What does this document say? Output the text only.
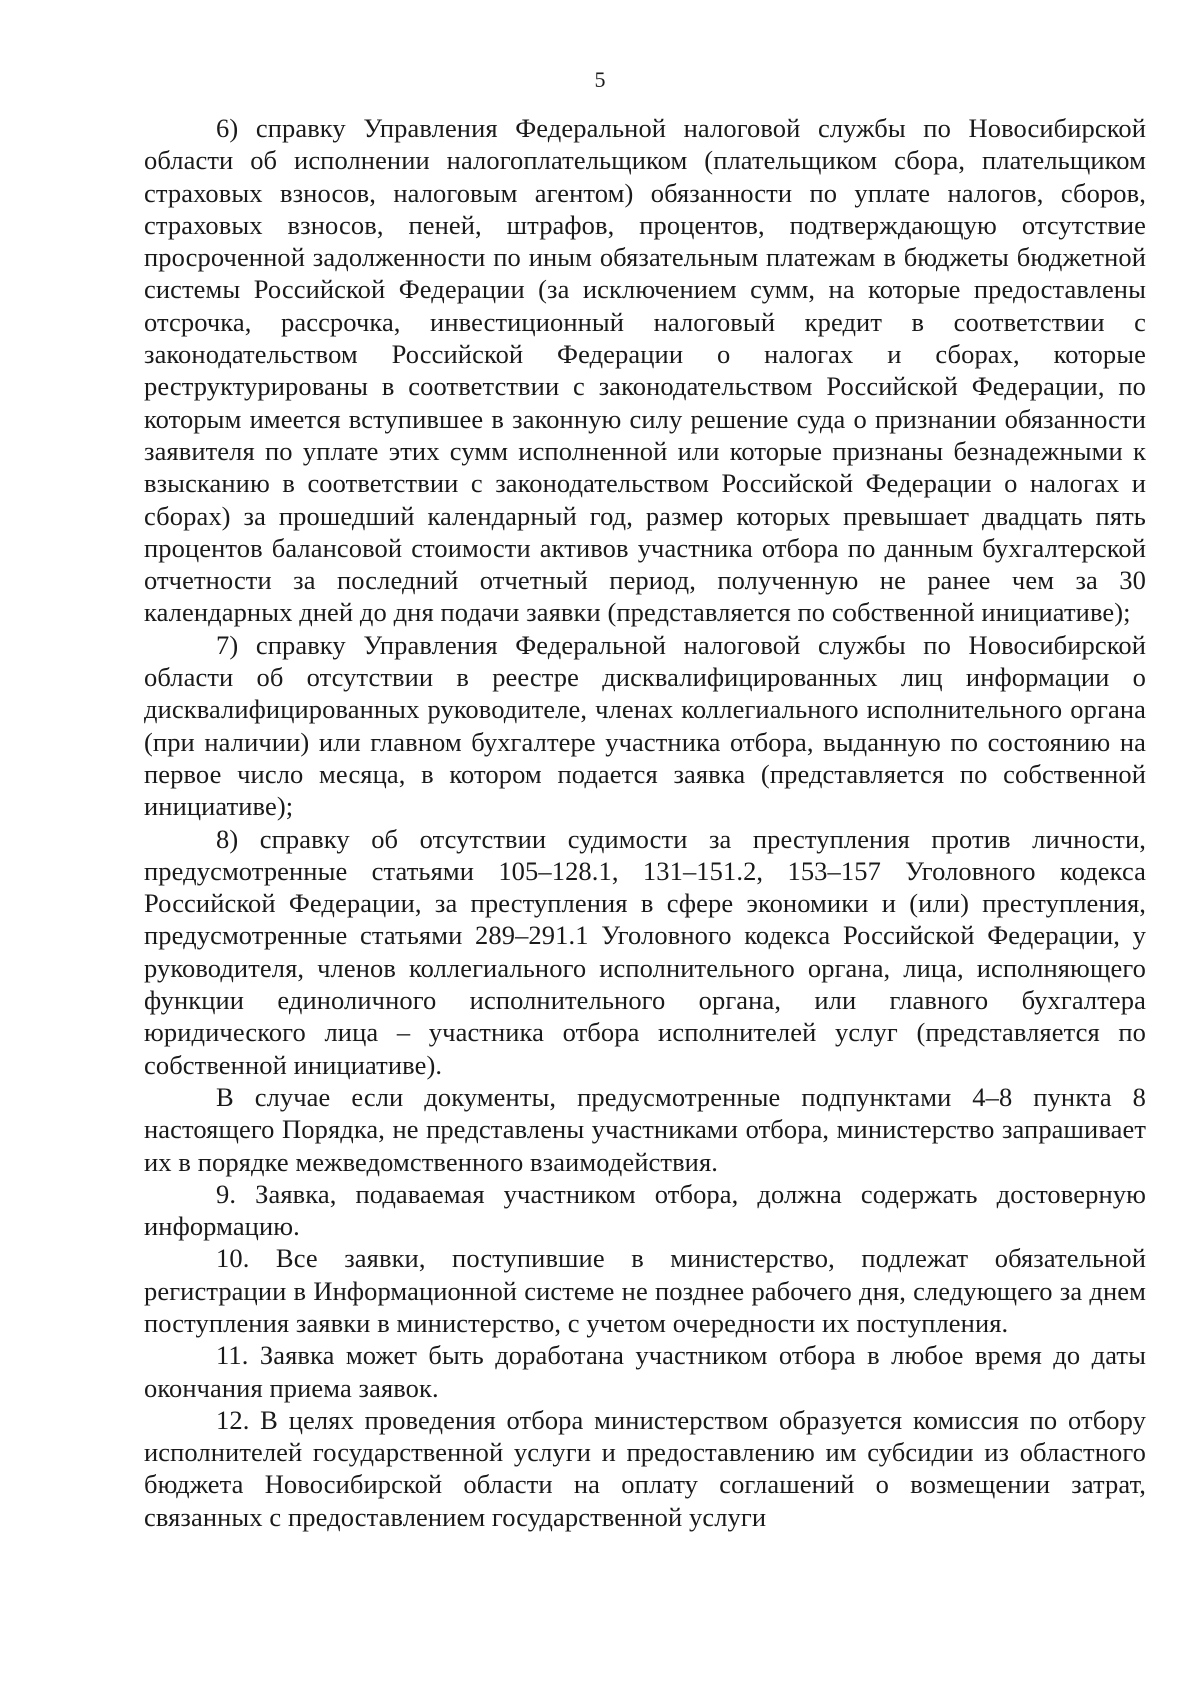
5

6) справку Управления Федеральной налоговой службы по Новосибирской области об исполнении налогоплательщиком (плательщиком сбора, плательщиком страховых взносов, налоговым агентом) обязанности по уплате налогов, сборов, страховых взносов, пеней, штрафов, процентов, подтверждающую отсутствие просроченной задолженности по иным обязательным платежам в бюджеты бюджетной системы Российской Федерации (за исключением сумм, на которые предоставлены отсрочка, рассрочка, инвестиционный налоговый кредит в соответствии с законодательством Российской Федерации о налогах и сборах, которые реструктурированы в соответствии с законодательством Российской Федерации, по которым имеется вступившее в законную силу решение суда о признании обязанности заявителя по уплате этих сумм исполненной или которые признаны безнадежными к взысканию в соответствии с законодательством Российской Федерации о налогах и сборах) за прошедший календарный год, размер которых превышает двадцать пять процентов балансовой стоимости активов участника отбора по данным бухгалтерской отчетности за последний отчетный период, полученную не ранее чем за 30 календарных дней до дня подачи заявки (представляется по собственной инициативе);

7) справку Управления Федеральной налоговой службы по Новосибирской области об отсутствии в реестре дисквалифицированных лиц информации о дисквалифицированных руководителе, членах коллегиального исполнительного органа (при наличии) или главном бухгалтере участника отбора, выданную по состоянию на первое число месяца, в котором подается заявка (представляется по собственной инициативе);

8) справку об отсутствии судимости за преступления против личности, предусмотренные статьями 105–128.1, 131–151.2, 153–157 Уголовного кодекса Российской Федерации, за преступления в сфере экономики и (или) преступления, предусмотренные статьями 289–291.1 Уголовного кодекса Российской Федерации, у руководителя, членов коллегиального исполнительного органа, лица, исполняющего функции единоличного исполнительного органа, или главного бухгалтера юридического лица – участника отбора исполнителей услуг (представляется по собственной инициативе).

В случае если документы, предусмотренные подпунктами 4–8 пункта 8 настоящего Порядка, не представлены участниками отбора, министерство запрашивает их в порядке межведомственного взаимодействия.

9. Заявка, подаваемая участником отбора, должна содержать достоверную информацию.

10. Все заявки, поступившие в министерство, подлежат обязательной регистрации в Информационной системе не позднее рабочего дня, следующего за днем поступления заявки в министерство, с учетом очередности их поступления.

11. Заявка может быть доработана участником отбора в любое время до даты окончания приема заявок.

12. В целях проведения отбора министерством образуется комиссия по отбору исполнителей государственной услуги и предоставлению им субсидии из областного бюджета Новосибирской области на оплату соглашений о возмещении затрат, связанных с предоставлением государственной услуги
